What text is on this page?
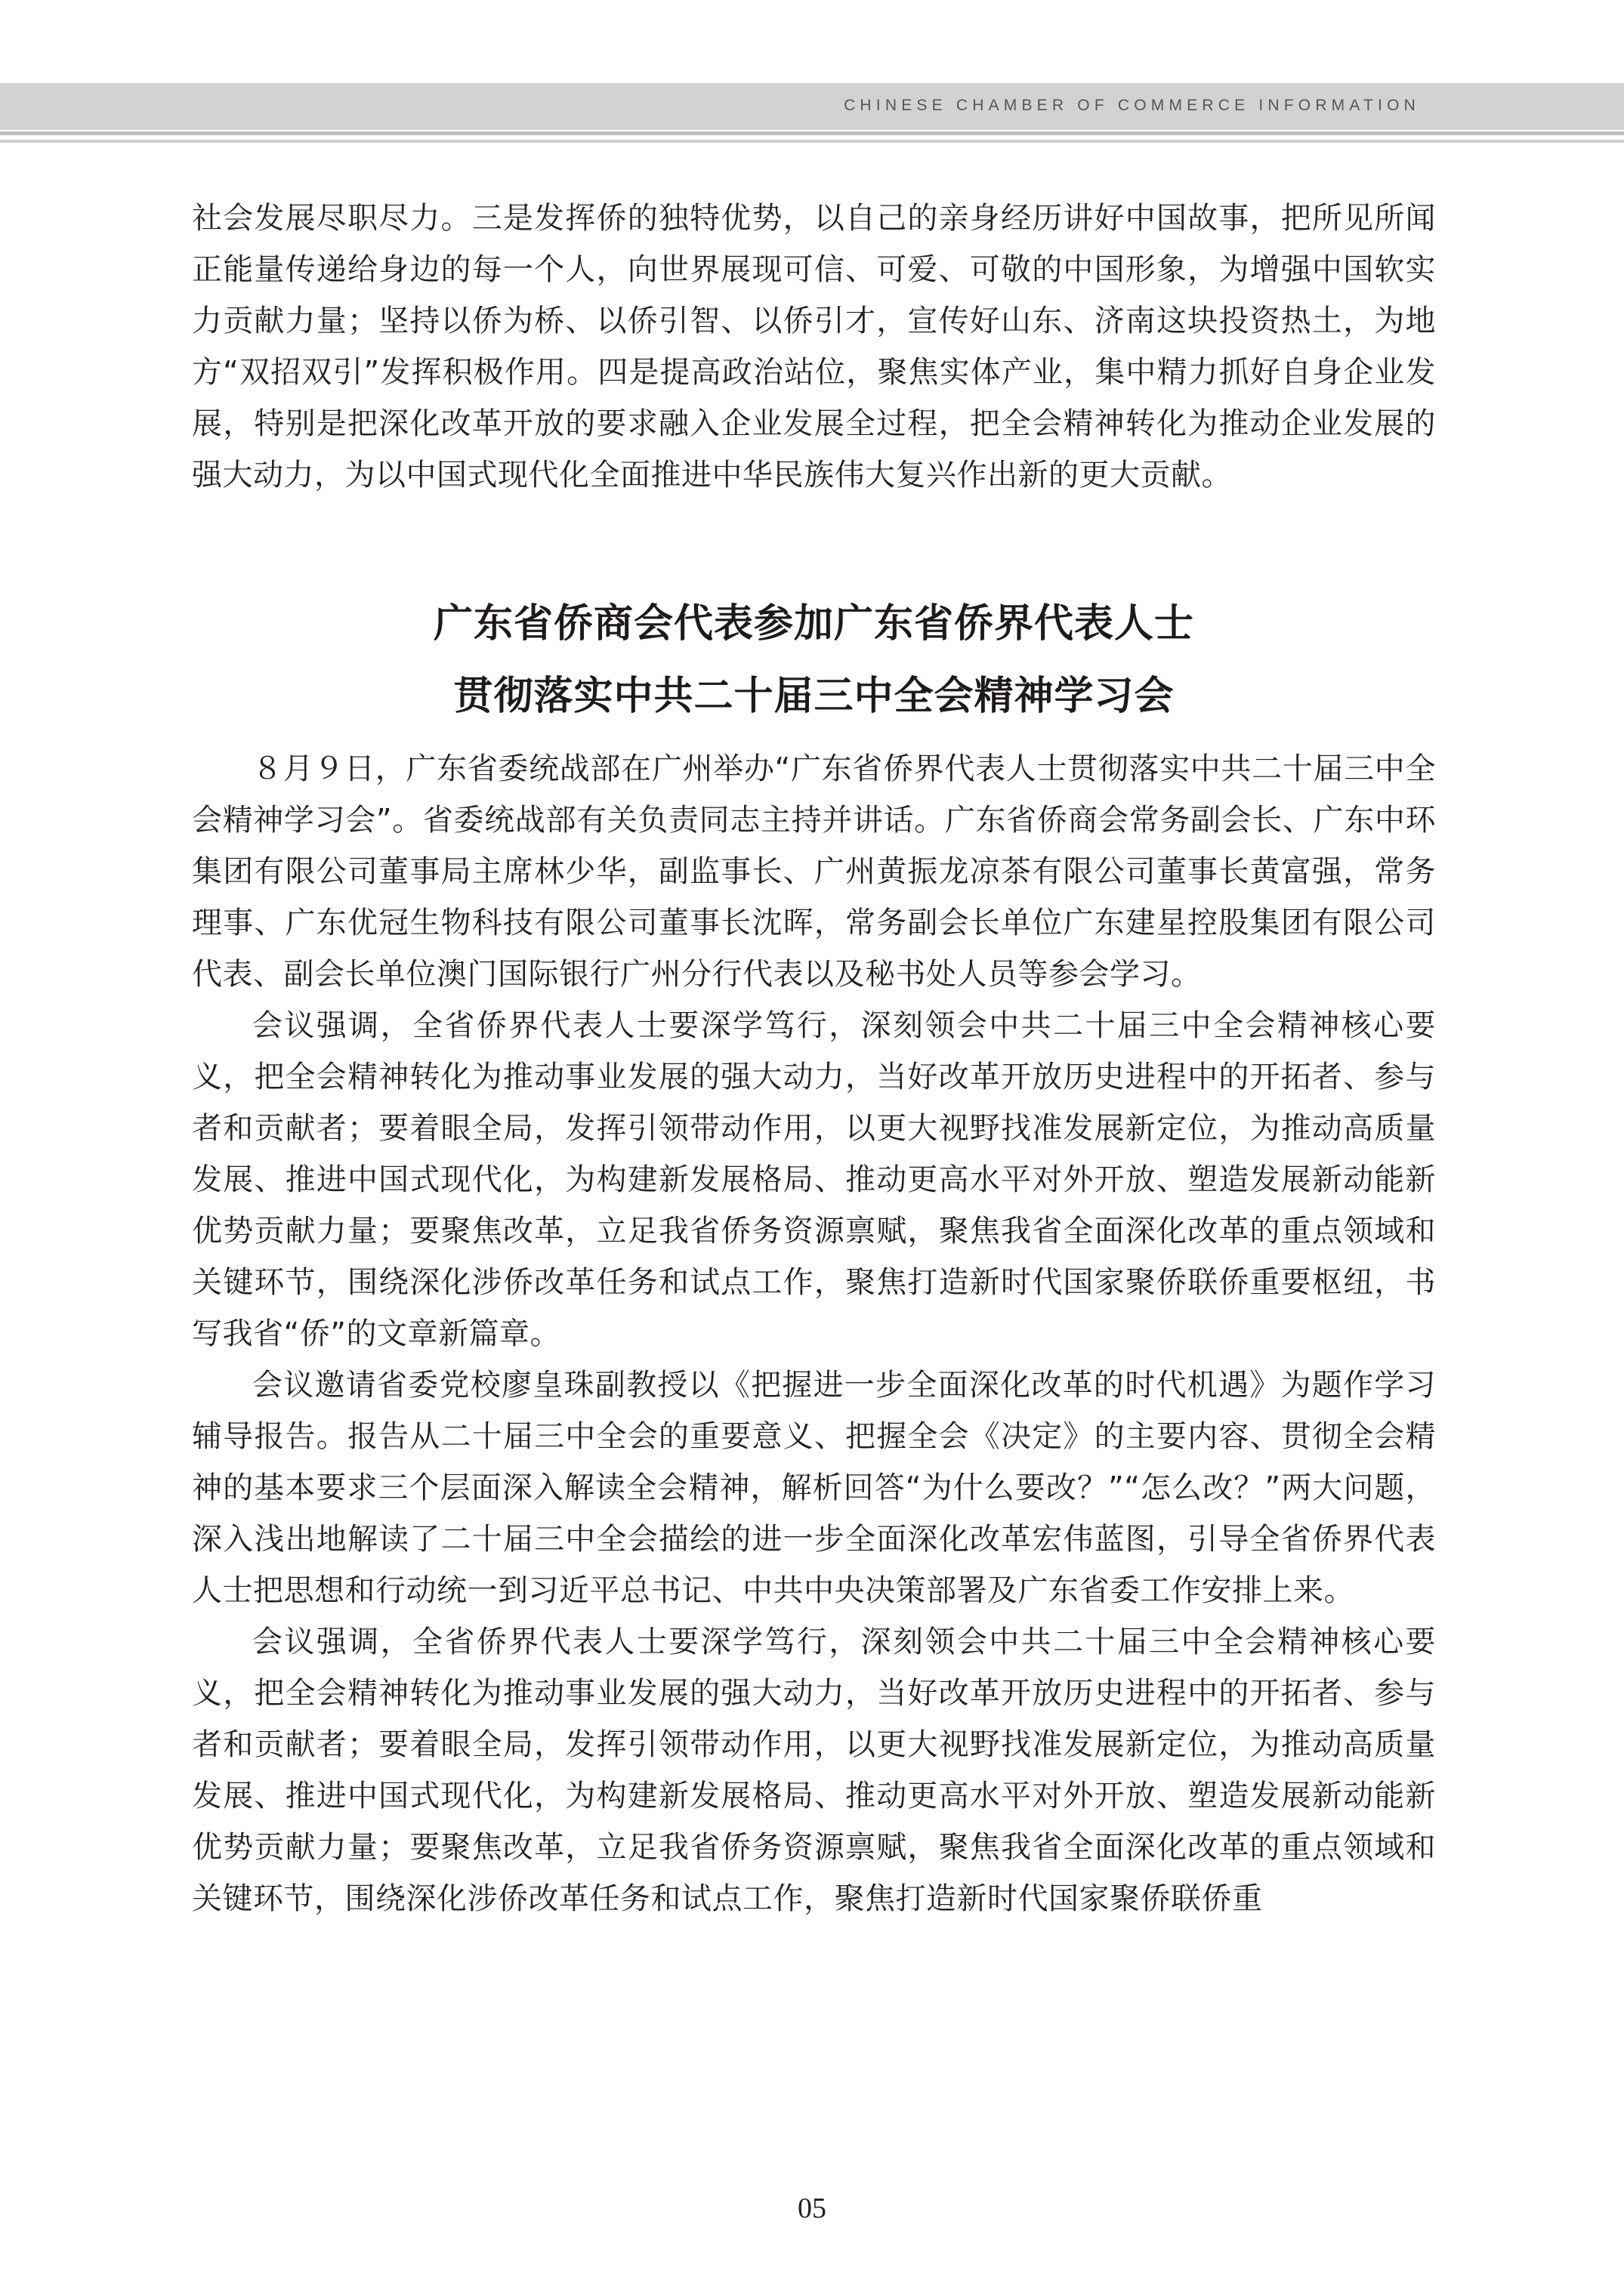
CHINESE CHAMBER OF COMMERCE INFORMATION

社会发展尽职尽力。三是发挥侨的独特优势，以自己的亲身经历讲好中国故事，把所见所闻正能量传递给身边的每一个人，向世界展现可信、可爱、可敬的中国形象，为增强中国软实力贡献力量；坚持以侨为桥、以侨引智、以侨引才，宣传好山东、济南这块投资热土，为地方“双招双引”发挥积极作用。四是提高政治站位，聚焦实体产业，集中精力抓好自身企业发展，特别是把深化改革开放的要求融入企业发展全过程，把全会精神转化为推动企业发展的强大动力，为以中国式现代化全面推进中华民族伟大复兴作出新的更大贡献。

广东省侨商会代表参加广东省侨界代表人士
贯彻落实中共二十届三中全会精神学习会

８月９日，广东省委统战部在广州举办“广东省侨界代表人士贯彻落实中共二十届三中全会精神学习会”。省委统战部有关负责同志主持并讲话。广东省侨商会常务副会长、广东中环集团有限公司董事局主席林少华，副监事长、广州黄振龙凉茶有限公司董事长黄富强，常务理事、广东优冠生物科技有限公司董事长沈晖，常务副会长单位广东建星控股集团有限公司代表、副会长单位澳门国际银行广州分行代表以及秘书处人员等参会学习。

会议强调，全省侨界代表人士要深学笃行，深刻领会中共二十届三中全会精神核心要义，把全会精神转化为推动事业发展的强大动力，当好改革开放历史进程中的开拓者、参与者和贡献者；要着眼全局，发挥引领带动作用，以更大视野找准发展新定位，为推动高质量发展、推进中国式现代化，为构建新发展格局、推动更高水平对外开放、塑造发展新动能新优势贡献力量；要聚焦改革，立足我省侨务资源禀赋，聚焦我省全面深化改革的重点领域和关键环节，围绕深化涉侨改革任务和试点工作，聚焦打造新时代国家聚侨联侨重要枢纽，书写我省“侨”的文章新篇章。

会议邀请省委党校廖皇珠副教授以《把握进一步全面深化改革的时代机遇》为题作学习辅导报告。报告从二十届三中全会的重要意义、把握全会《决定》的主要内容、贯彻全会精神的基本要求三个层面深入解读全会精神，解析回答“为什么要改？”“怎么改？”两大问题，深入浅出地解读了二十届三中全会描绘的进一步全面深化改革宏伟蓝图，引导全省侨界代表人士把思想和行动统一到习近平总书记、中共中央决策部署及广东省委工作安排上来。

会议强调，全省侨界代表人士要深学笃行，深刻领会中共二十届三中全会精神核心要义，把全会精神转化为推动事业发展的强大动力，当好改革开放历史进程中的开拓者、参与者和贡献者；要着眼全局，发挥引领带动作用，以更大视野找准发展新定位，为推动高质量发展、推进中国式现代化，为构建新发展格局、推动更高水平对外开放、塑造发展新动能新优势贡献力量；要聚焦改革，立足我省侨务资源禀赋，聚焦我省全面深化改革的重点领域和关键环节，围绕深化涉侨改革任务和试点工作，聚焦打造新时代国家聚侨联侨重

05
